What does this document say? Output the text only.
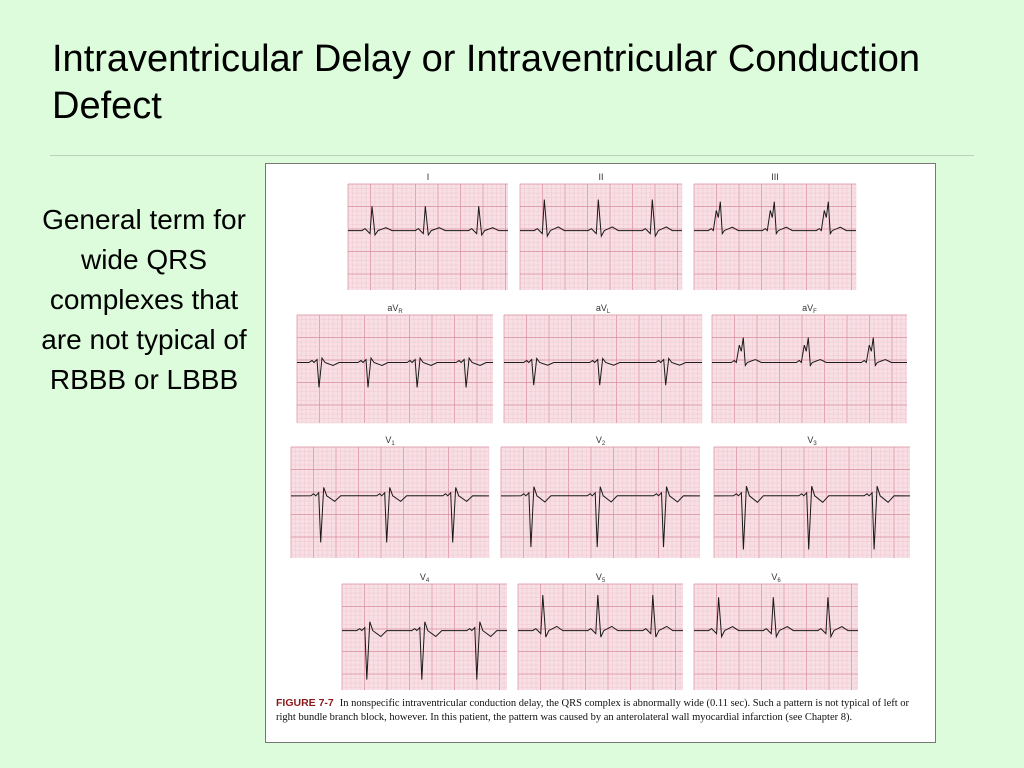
Intraventricular Delay or Intraventricular Conduction Defect
General term for wide QRS complexes that are not typical of RBBB or LBBB
I	II	III
$aV_R$	$aV_L$	$aV_F$
$V_1$	$V_2$	$V_3$
$V_4$	$V_5$	$V_6$
FIGURE 7-7 In nonspecific intraventricular conduction delay, the QRS complex is abnormally wide (0.11 sec). Such a pattern is not typical of left or right bundle branch block, however. In this patient, the pattern was caused by an anterolateral wall myocardial infarction (see Chapter 8).
